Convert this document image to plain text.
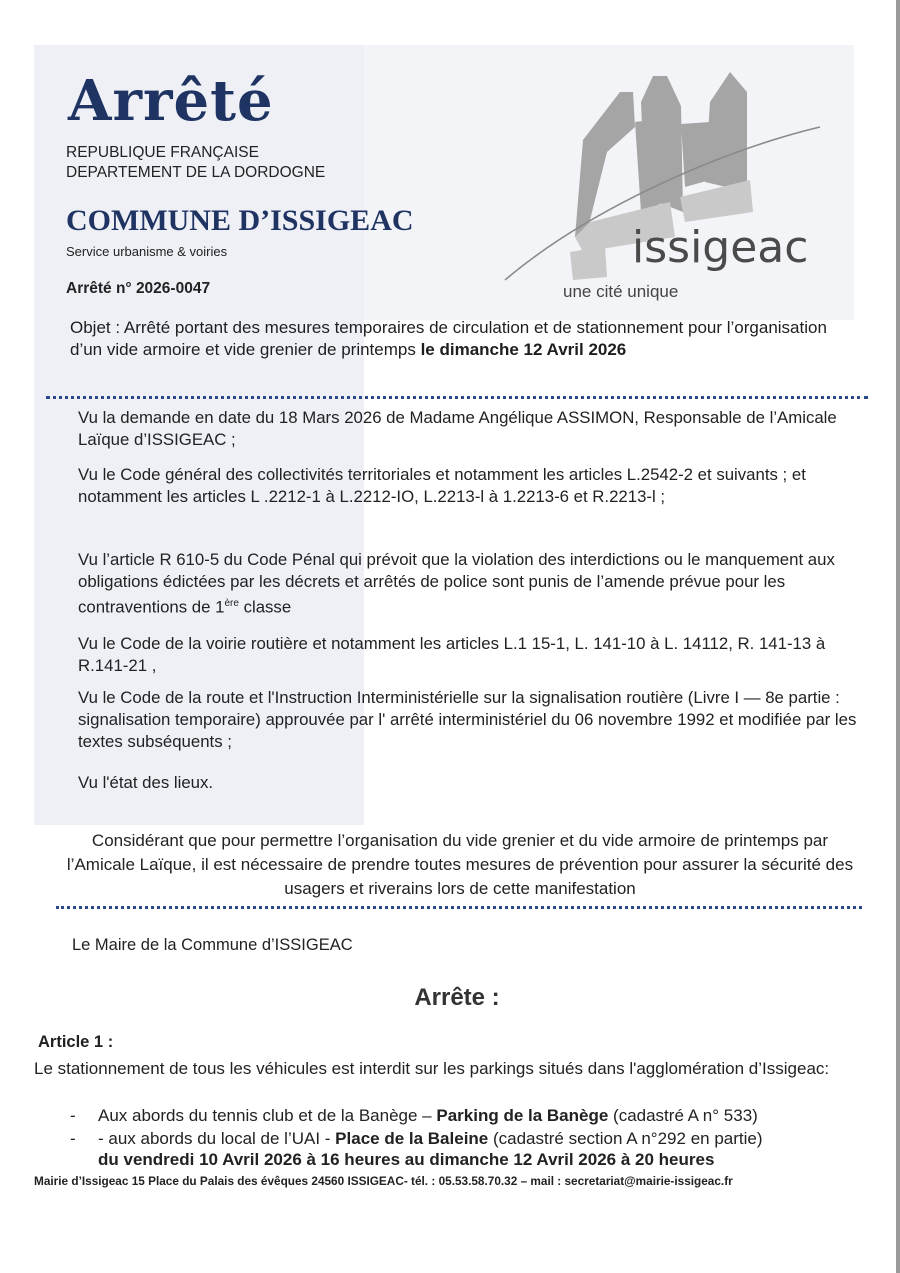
Arrêté
REPUBLIQUE FRANÇAISE
DEPARTEMENT DE LA DORDOGNE
COMMUNE D’ISSIGEAC
Service urbanisme & voiries
Arrêté n° 2026-0047
issigeac
une cité unique
Objet : Arrêté portant des mesures temporaires de circulation et de stationnement pour l’organisation d’un vide armoire et vide grenier de printemps le dimanche 12 Avril 2026
Vu la demande en date du 18 Mars 2026 de Madame Angélique ASSIMON, Responsable de l’Amicale Laïque d’ISSIGEAC ;
Vu le Code général des collectivités territoriales et notamment les articles L.2542-2 et suivants ; et notamment les articles L .2212-1 à L.2212-IO, L.2213-l à 1.2213-6 et R.2213-l ;
Vu l’article R 610-5 du Code Pénal qui prévoit que la violation des interdictions ou le manquement aux obligations édictées par les décrets et arrêtés de police sont punis de l’amende prévue pour les contraventions de 1ère classe
Vu le Code de la voirie routière et notamment les articles L.1 15-1, L. 141-10 à L. 14112, R. 141-13 à R.141-21 ,
Vu le Code de la route et l'Instruction Interministérielle sur la signalisation routière (Livre I — 8e partie : signalisation temporaire) approuvée par l' arrêté interministériel du 06 novembre 1992 et modifiée par les textes subséquents ;
Vu l'état des lieux.
Considérant que pour permettre l’organisation du vide grenier et du vide armoire de printemps par l’Amicale Laïque, il est nécessaire de prendre toutes mesures de prévention pour assurer la sécurité des usagers et riverains lors de cette manifestation
Le Maire de la Commune d’ISSIGEAC
Arrête :
Article 1 :
Le stationnement de tous les véhicules est interdit sur les parkings situés dans l'agglomération d’Issigeac:
- Aux abords du tennis club et de la Banège – Parking de la Banège (cadastré A n° 533)
- - aux abords du local de l’UAI - Place de la Baleine (cadastré section A n°292 en partie)
du vendredi 10 Avril 2026 à 16 heures au dimanche 12 Avril 2026 à 20 heures
Mairie d’Issigeac 15 Place du Palais des évêques 24560 ISSIGEAC- tél. : 05.53.58.70.32 – mail : secretariat@mairie-issigeac.fr
